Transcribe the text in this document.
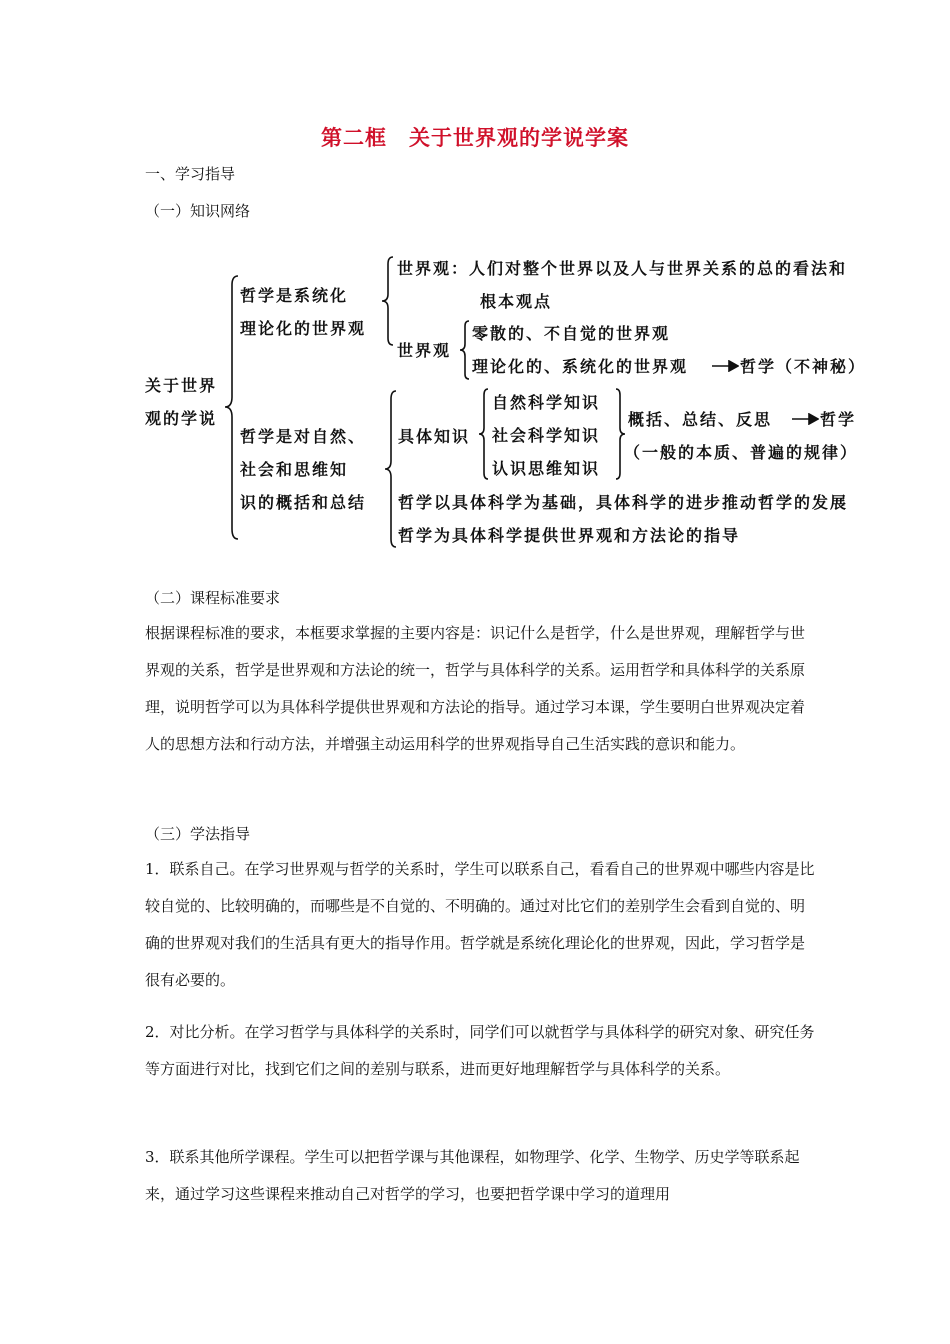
第二框　关于世界观的学说学案
一、学习指导
（一）知识网络
关于世界
观的学说
哲学是系统化
理论化的世界观
世界观：人们对整个世界以及人与世界关系的总的看法和
根本观点
世界观
零散的、不自觉的世界观
理论化的、系统化的世界观	哲学（不神秘）
哲学是对自然、
社会和思维知
识的概括和总结
具体知识
自然科学知识
社会科学知识
认识思维知识
概括、总结、反思	哲学
（一般的本质、普遍的规律）
哲学以具体科学为基础，具体科学的进步推动哲学的发展
哲学为具体科学提供世界观和方法论的指导
（二）课程标准要求

根据课程标准的要求，本框要求掌握的主要内容是：识记什么是哲学，什么是世界观，理解哲学与世界观的关系，哲学是世界观和方法论的统一，哲学与具体科学的关系。运用哲学和具体科学的关系原理，说明哲学可以为具体科学提供世界观和方法论的指导。通过学习本课，学生要明白世界观决定着人的思想方法和行动方法，并增强主动运用科学的世界观指导自己生活实践的意识和能力。

（三）学法指导

1．联系自己。在学习世界观与哲学的关系时，学生可以联系自己，看看自己的世界观中哪些内容是比较自觉的、比较明确的，而哪些是不自觉的、不明确的。通过对比它们的差别学生会看到自觉的、明确的世界观对我们的生活具有更大的指导作用。哲学就是系统化理论化的世界观，因此，学习哲学是很有必要的。

2．对比分析。在学习哲学与具体科学的关系时，同学们可以就哲学与具体科学的研究对象、研究任务等方面进行对比，找到它们之间的差别与联系，进而更好地理解哲学与具体科学的关系。

3．联系其他所学课程。学生可以把哲学课与其他课程，如物理学、化学、生物学、历史学等联系起来，通过学习这些课程来推动自己对哲学的学习，也要把哲学课中学习的道理用
